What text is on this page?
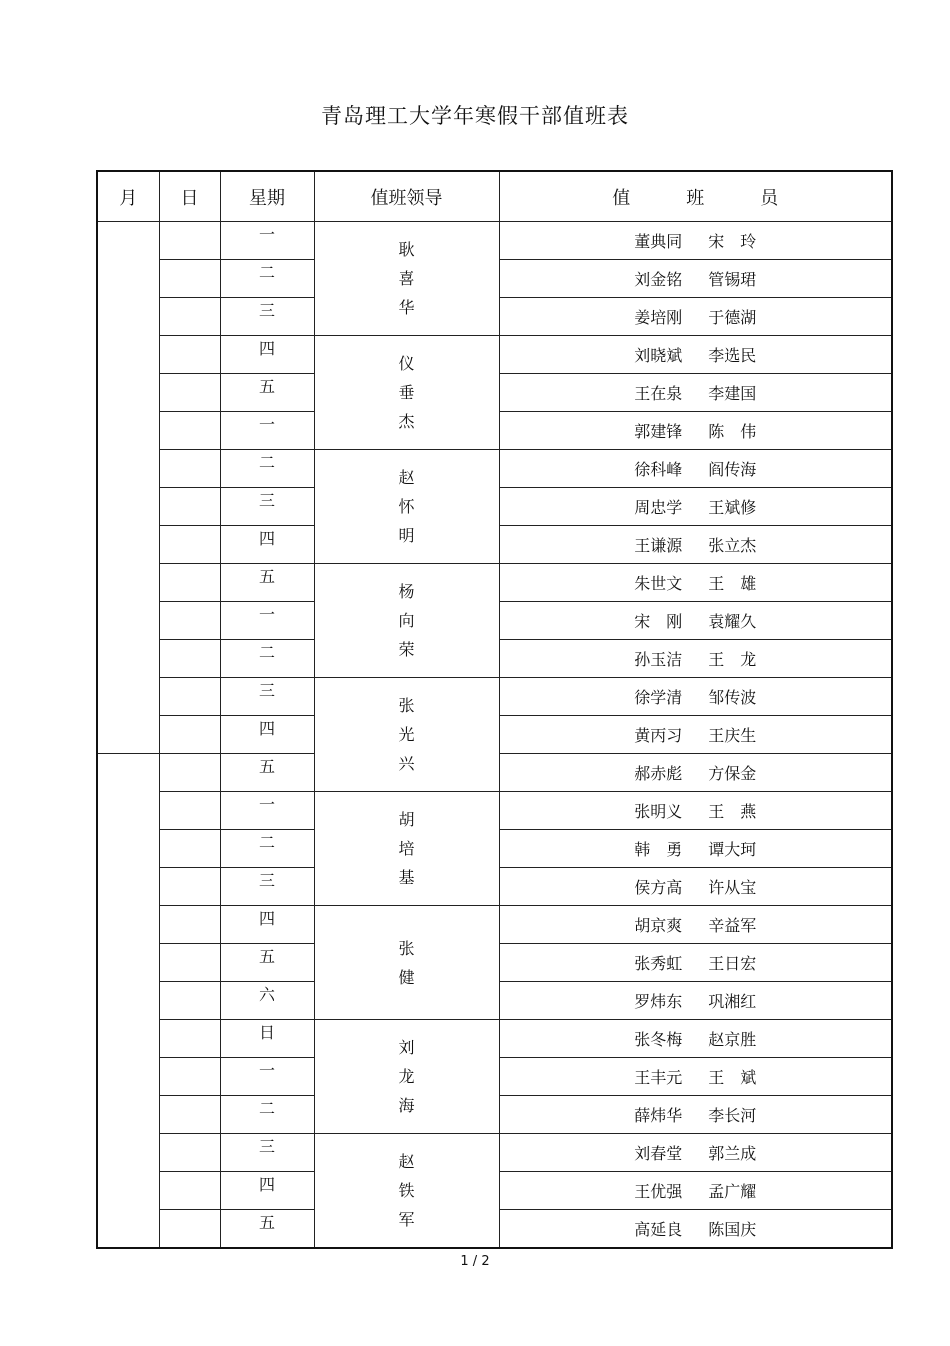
青岛理工大学年寒假干部值班表
月	日	星期	值班领导	值 班 员
		一	耿喜华	董典同 宋　玲
		二		刘金铭 管锡珺
		三		姜培刚 于德湖
		四	仪垂杰	刘晓斌 李选民
		五		王在泉 李建国
		一		郭建锋 陈　伟
		二	赵怀明	徐科峰 阎传海
		三		周忠学 王斌修
		四		王谦源 张立杰
		五	杨向荣	朱世文 王　雄
		一		宋　刚 袁耀久
		二		孙玉洁 王　龙
		三	张光兴	徐学清 邹传波
		四		黄丙习 王庆生
		五		郝赤彪 方保金
		一	胡培基	张明义 王　燕
		二		韩　勇 谭大珂
		三		侯方高 许从宝
		四	张健	胡京爽 辛益军
		五		张秀虹 王日宏
		六		罗炜东 巩湘红
		日	刘龙海	张冬梅 赵京胜
		一		王丰元 王　斌
		二		薛炜华 李长河
		三	赵铁军	刘春堂 郭兰成
		四		王优强 孟广耀
		五		高延良 陈国庆
1 / 2
